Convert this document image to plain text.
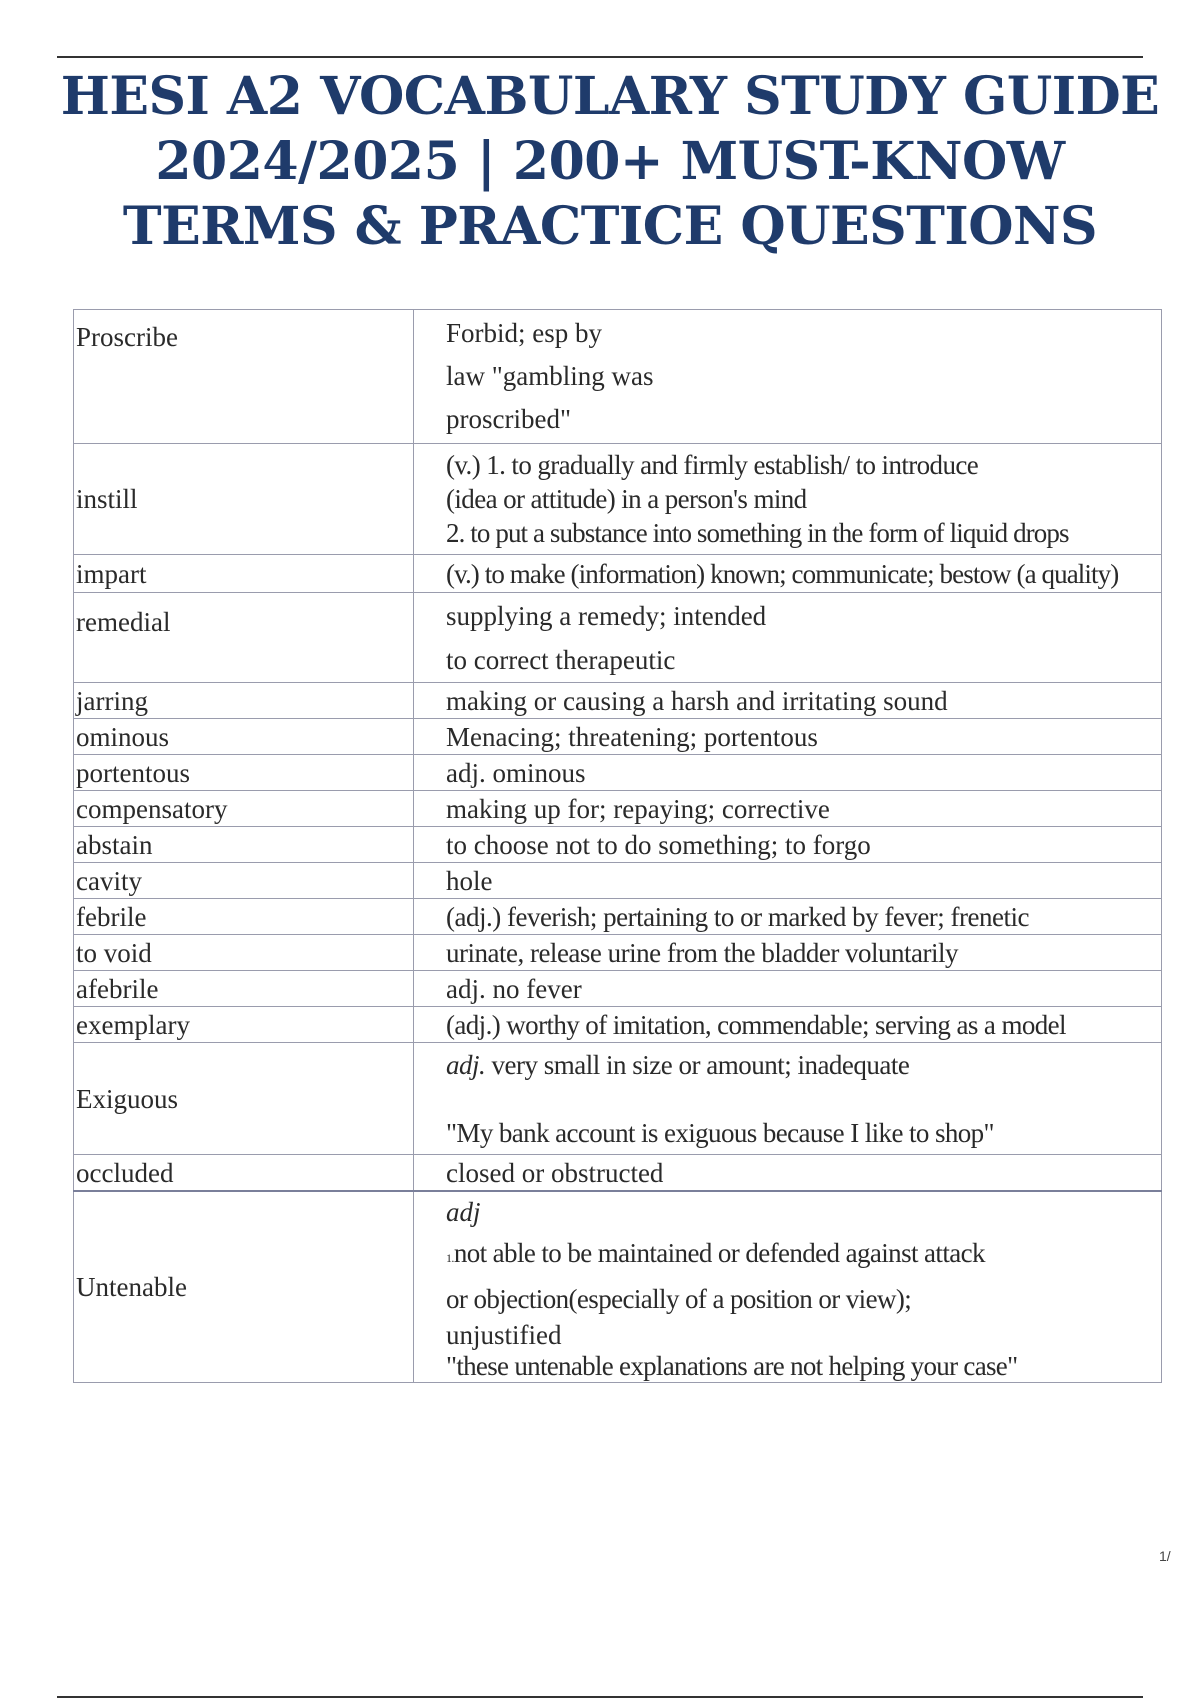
HESI A2 VOCABULARY STUDY GUIDE
2024/2025 | 200+ MUST-KNOW
TERMS & PRACTICE QUESTIONS
Proscribe	Forbid; esp by
law "gambling was
proscribed"

instill	(v.) 1. to gradually and firmly establish/ to introduce
(idea or attitude) in a person's mind
2. to put a substance into something in the form of liquid drops

impart	(v.) to make (information) known; communicate; bestow (a quality)

remedial	supplying a remedy; intended
to correct therapeutic

jarring	making or causing a harsh and irritating sound

ominous	Menacing; threatening; portentous

portentous	adj. ominous

compensatory	making up for; repaying; corrective

abstain	to choose not to do something; to forgo

cavity	hole

febrile	(adj.) feverish; pertaining to or marked by fever; frenetic

to void	urinate, release urine from the bladder voluntarily

afebrile	adj. no fever

exemplary	(adj.) worthy of imitation, commendable; serving as a model

Exiguous	adj. very small in size or amount; inadequate
"My bank account is exiguous because I like to shop"

occluded	closed or obstructed

Untenable	adj
1.not able to be maintained or defended against attack
or objection(especially of a position or view);
unjustified
"these untenable explanations are not helping your case"
1/
